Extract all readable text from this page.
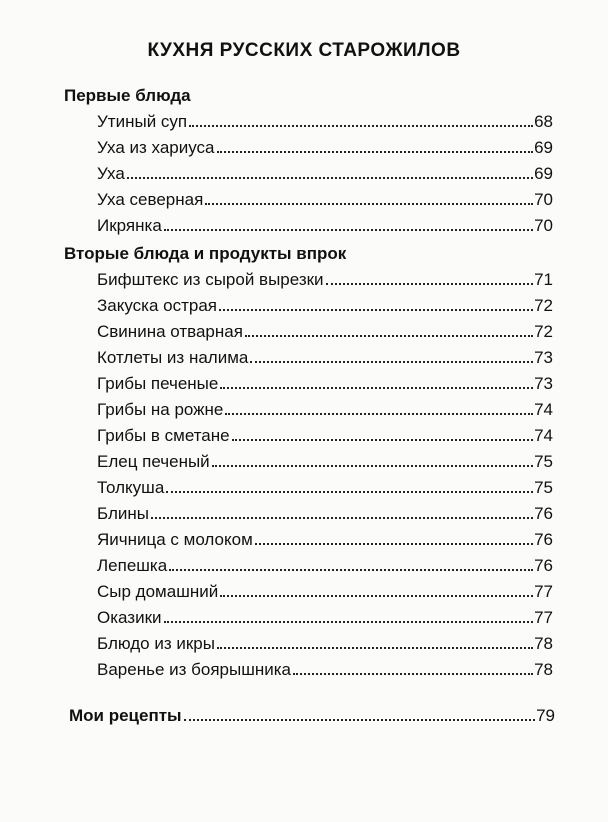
КУХНЯ РУССКИХ СТАРОЖИЛОВ
Первые блюда
Утиный суп	68
Уха из хариуса	69
Уха	69
Уха северная	70
Икрянка	70
Вторые блюда и продукты впрок
Бифштекс из сырой вырезки	71
Закуска острая	72
Свинина отварная	72
Котлеты из налима	73
Грибы печеные	73
Грибы на рожне	74
Грибы в сметане	74
Елец печеный	75
Толкуша	75
Блины	76
Яичница с молоком	76
Лепешка	76
Сыр домашний	77
Оказики	77
Блюдо из икры	78
Варенье из боярышника	78
Мои рецепты	79
